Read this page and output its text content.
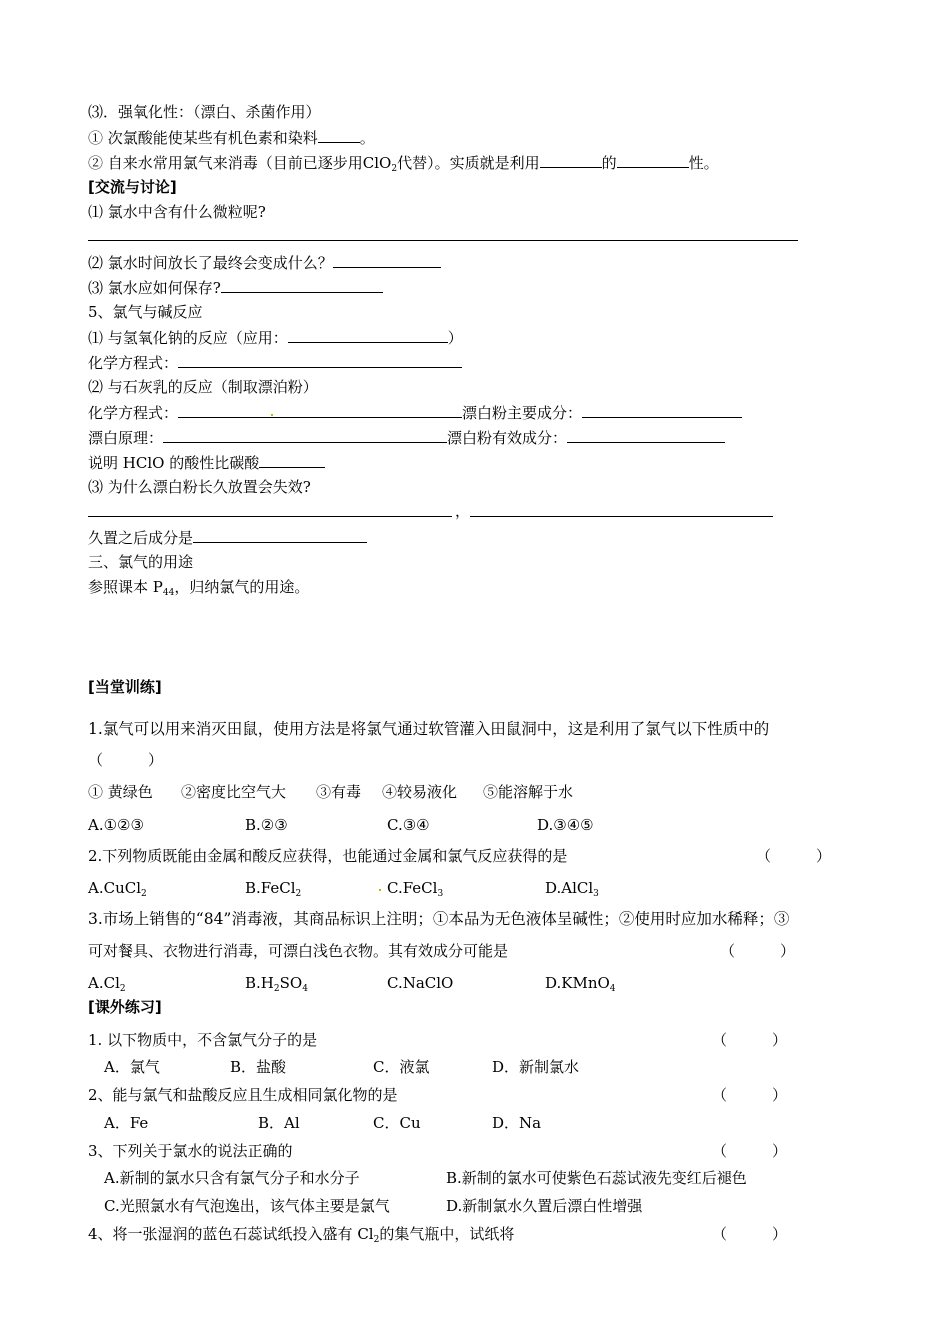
⑶．强氧化性：（漂白、杀菌作用）
① 次氯酸能使某些有机色素和染料	。
② 自来水常用氯气来消毒（目前已逐步用ClO$_2$代替）。实质就是利用	的	性。
[交流与讨论]
⑴ 氯水中含有什么微粒呢?
⑵ 氯水时间放长了最终会变成什么？
⑶ 氯水应如何保存?
5、氯气与碱反应
⑴ 与氢氧化钠的反应（应用：	）
化学方程式：
⑵ 与石灰乳的反应（制取漂泊粉）
化学方程式：	漂白粉主要成分：
漂白原理：	漂白粉有效成分：
说明 HClO 的酸性比碳酸
⑶ 为什么漂白粉长久放置会失效?
，
久置之后成分是
三、氯气的用途
参照课本 $P_{44}$，归纳氯气的用途。
[当堂训练]
1.氯气可以用来消灭田鼠，使用方法是将氯气通过软管灌入田鼠洞中，这是利用了氯气以下性质中的
（　　　）
① 黄绿色 ②密度比空气大 ③有毒 ④较易液化 ⑤能溶解于水
A.①②③	B.②③	C.③④	D.③④⑤
2.下列物质既能由金属和酸反应获得，也能通过金属和氯气反应获得的是	（　　　）
A.CuCl$_2$	B.FeCl$_2$	C.FeCl$_3$	D.AlCl$_3$
3.市场上销售的“84”消毒液，其商品标识上注明；①本品为无色液体呈碱性；②使用时应加水稀释；③
可对餐具、衣物进行消毒，可漂白浅色衣物。其有效成分可能是	（　　　）
$A.Cl_2$	$B.H_2SO_4$	C.NaClO	D.KMnO$_4$
[课外练习]
1. 以下物质中，不含氯气分子的是	（　　　）
A．氯气	B．盐酸	C．液氯	D．新制氯水
2、能与氯气和盐酸反应且生成相同氯化物的是	（　　　）
A．Fe	B．Al	C．Cu	D．Na
3、下列关于氯水的说法正确的	（　　　）
A.新制的氯水只含有氯气分子和水分子	B.新制的氯水可使紫色石蕊试液先变红后褪色
C.光照氯水有气泡逸出，该气体主要是氯气	D.新制氯水久置后漂白性增强
4、将一张湿润的蓝色石蕊试纸投入盛有 $Cl_2$的集气瓶中，试纸将	（　　　）
